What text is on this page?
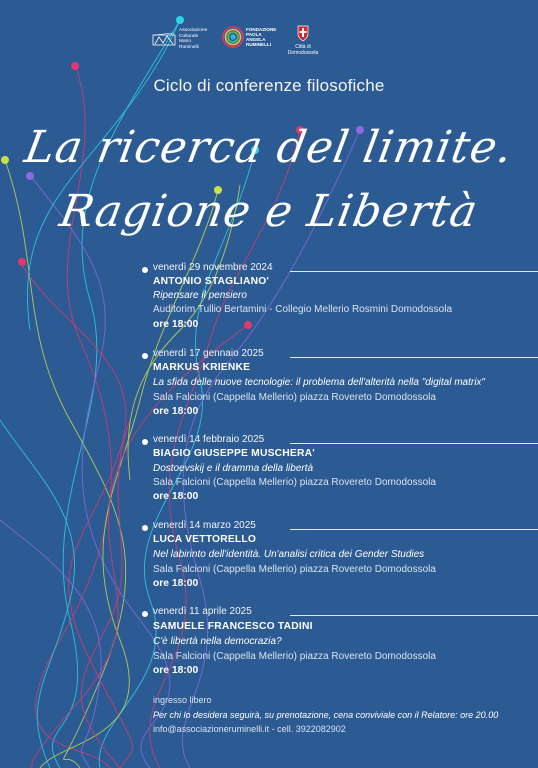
Associazione Culturale Mario Ruminelli
FONDAZIONE PAOLA ANGELA RUMINELLI	Città di Domodossola
Ciclo di conferenze filosofiche
La ricerca del limite.
Ragione e Libertà
venerdì 29 novembre 2024
ANTONIO STAGLIANO'
Ripensare il pensiero
Auditorim Tullio Bertamini - Collegio Mellerio Rosmini Domodossola
ore 18:00
venerdì 17 gennaio 2025
MARKUS KRIENKE
La sfida delle nuove tecnologie: il problema dell'alterità nella "digital matrix"
Sala Falcioni (Cappella Mellerio) piazza Rovereto Domodossola
ore 18:00
venerdì 14 febbraio 2025
BIAGIO GIUSEPPE MUSCHERA'
Dostoevskij e il dramma della libertà
Sala Falcioni (Cappella Mellerio) piazza Rovereto Domodossola
ore 18:00
venerdì 14 marzo 2025
LUCA VETTORELLO
Nel labirinto dell'identità. Un'analisi critica dei Gender Studies
Sala Falcioni (Cappella Mellerio) piazza Rovereto Domodossola
ore 18:00
venerdì 11 aprile 2025
SAMUELE FRANCESCO TADINI
C'è libertà nella democrazia?
Sala Falcioni (Cappella Mellerio) piazza Rovereto Domodossola
ore 18:00
ingresso libero
Per chi lo desidera seguirà, su prenotazione, cena conviviale con il Relatore: ore 20.00
info@associazioneruminelli.it - cell. 3922082902
